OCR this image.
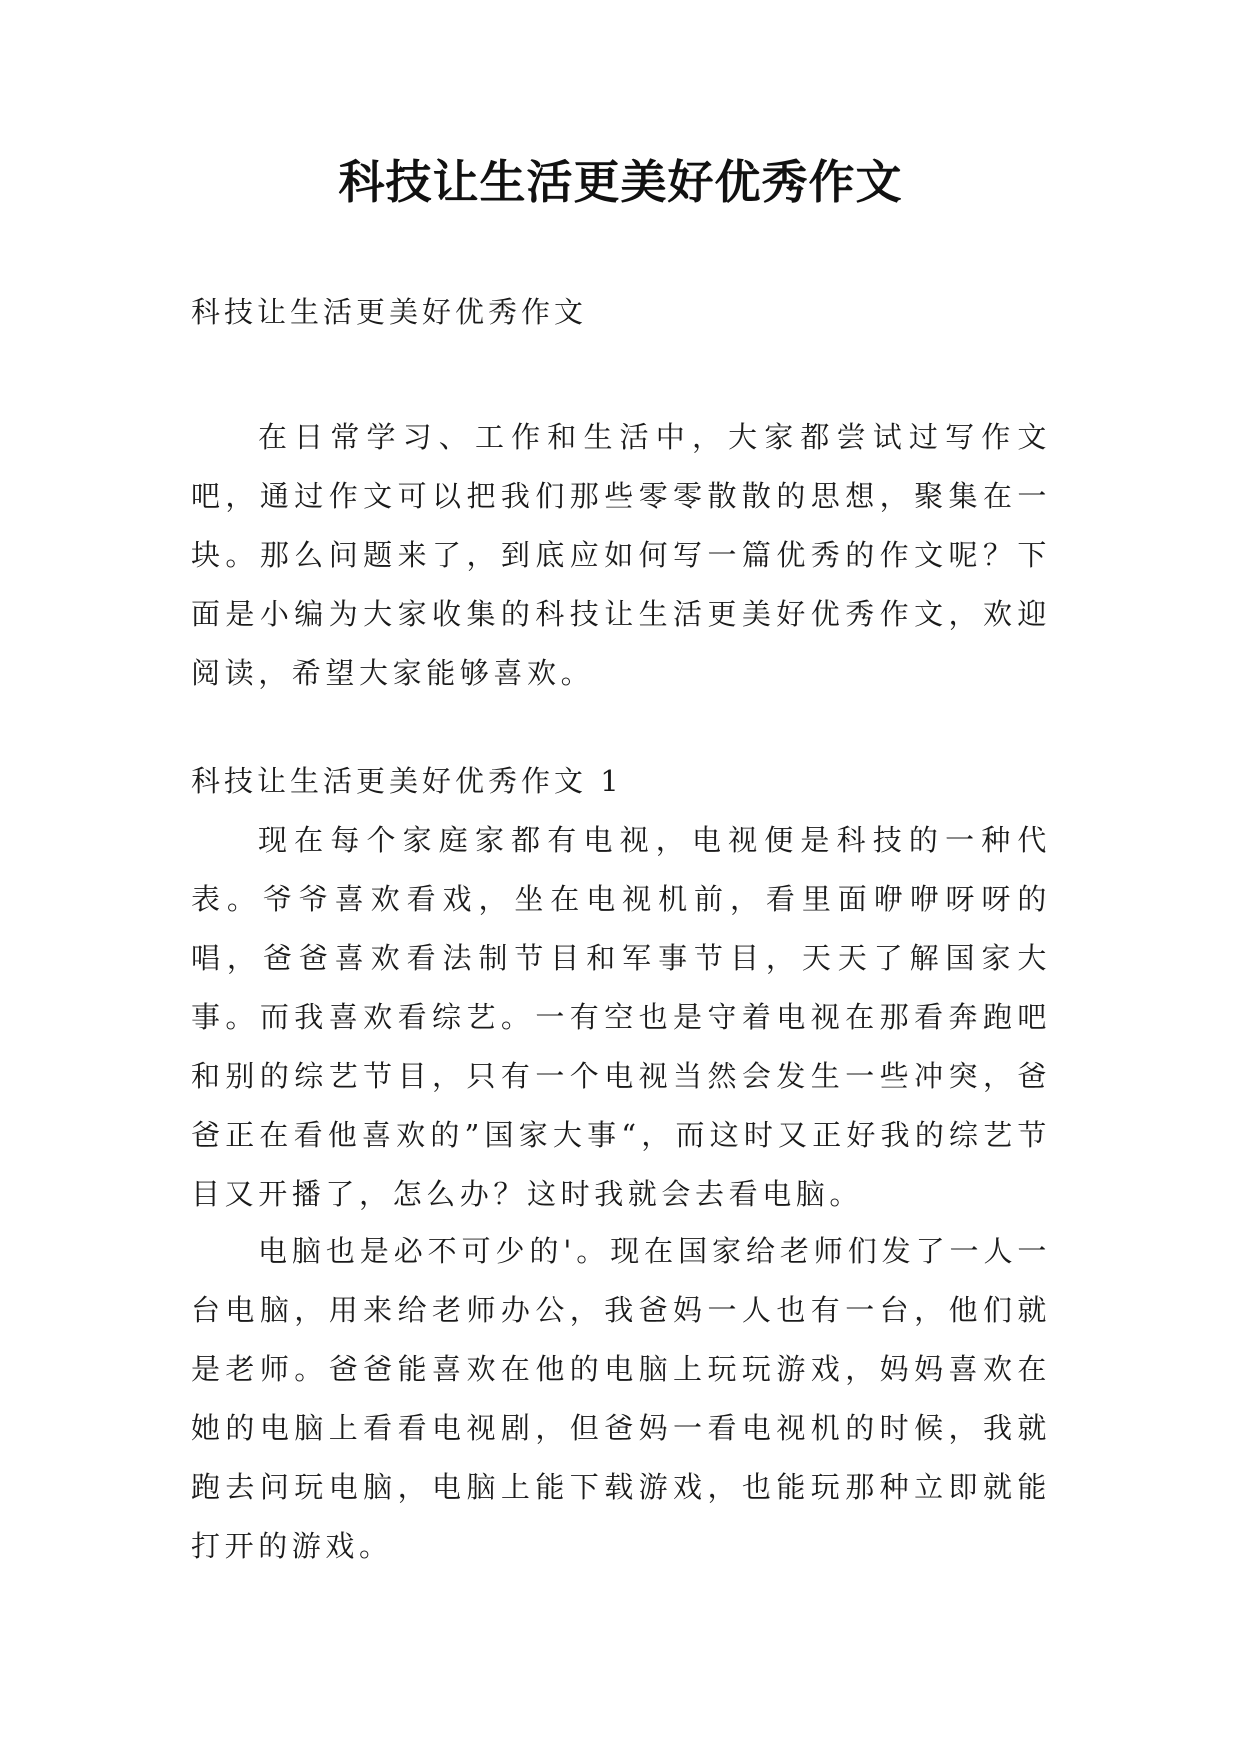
科技让生活更美好优秀作文

科技让生活更美好优秀作文

在日常学习、工作和生活中，大家都尝试过写作文吧，通过作文可以把我们那些零零散散的思想，聚集在一块。那么问题来了，到底应如何写一篇优秀的作文呢？下面是小编为大家收集的科技让生活更美好优秀作文，欢迎阅读，希望大家能够喜欢。

科技让生活更美好优秀作文 1

现在每个家庭家都有电视，电视便是科技的一种代表。爷爷喜欢看戏，坐在电视机前，看里面咿咿呀呀的唱，爸爸喜欢看法制节目和军事节目，天天了解国家大事。而我喜欢看综艺。一有空也是守着电视在那看奔跑吧和别的综艺节目，只有一个电视当然会发生一些冲突，爸爸正在看他喜欢的”国家大事“，而这时又正好我的综艺节目又开播了，怎么办？这时我就会去看电脑。

电脑也是必不可少的'。现在国家给老师们发了一人一台电脑，用来给老师办公，我爸妈一人也有一台，他们就是老师。爸爸能喜欢在他的电脑上玩玩游戏，妈妈喜欢在她的电脑上看看电视剧，但爸妈一看电视机的时候，我就跑去问玩电脑，电脑上能下载游戏，也能玩那种立即就能打开的游戏。
